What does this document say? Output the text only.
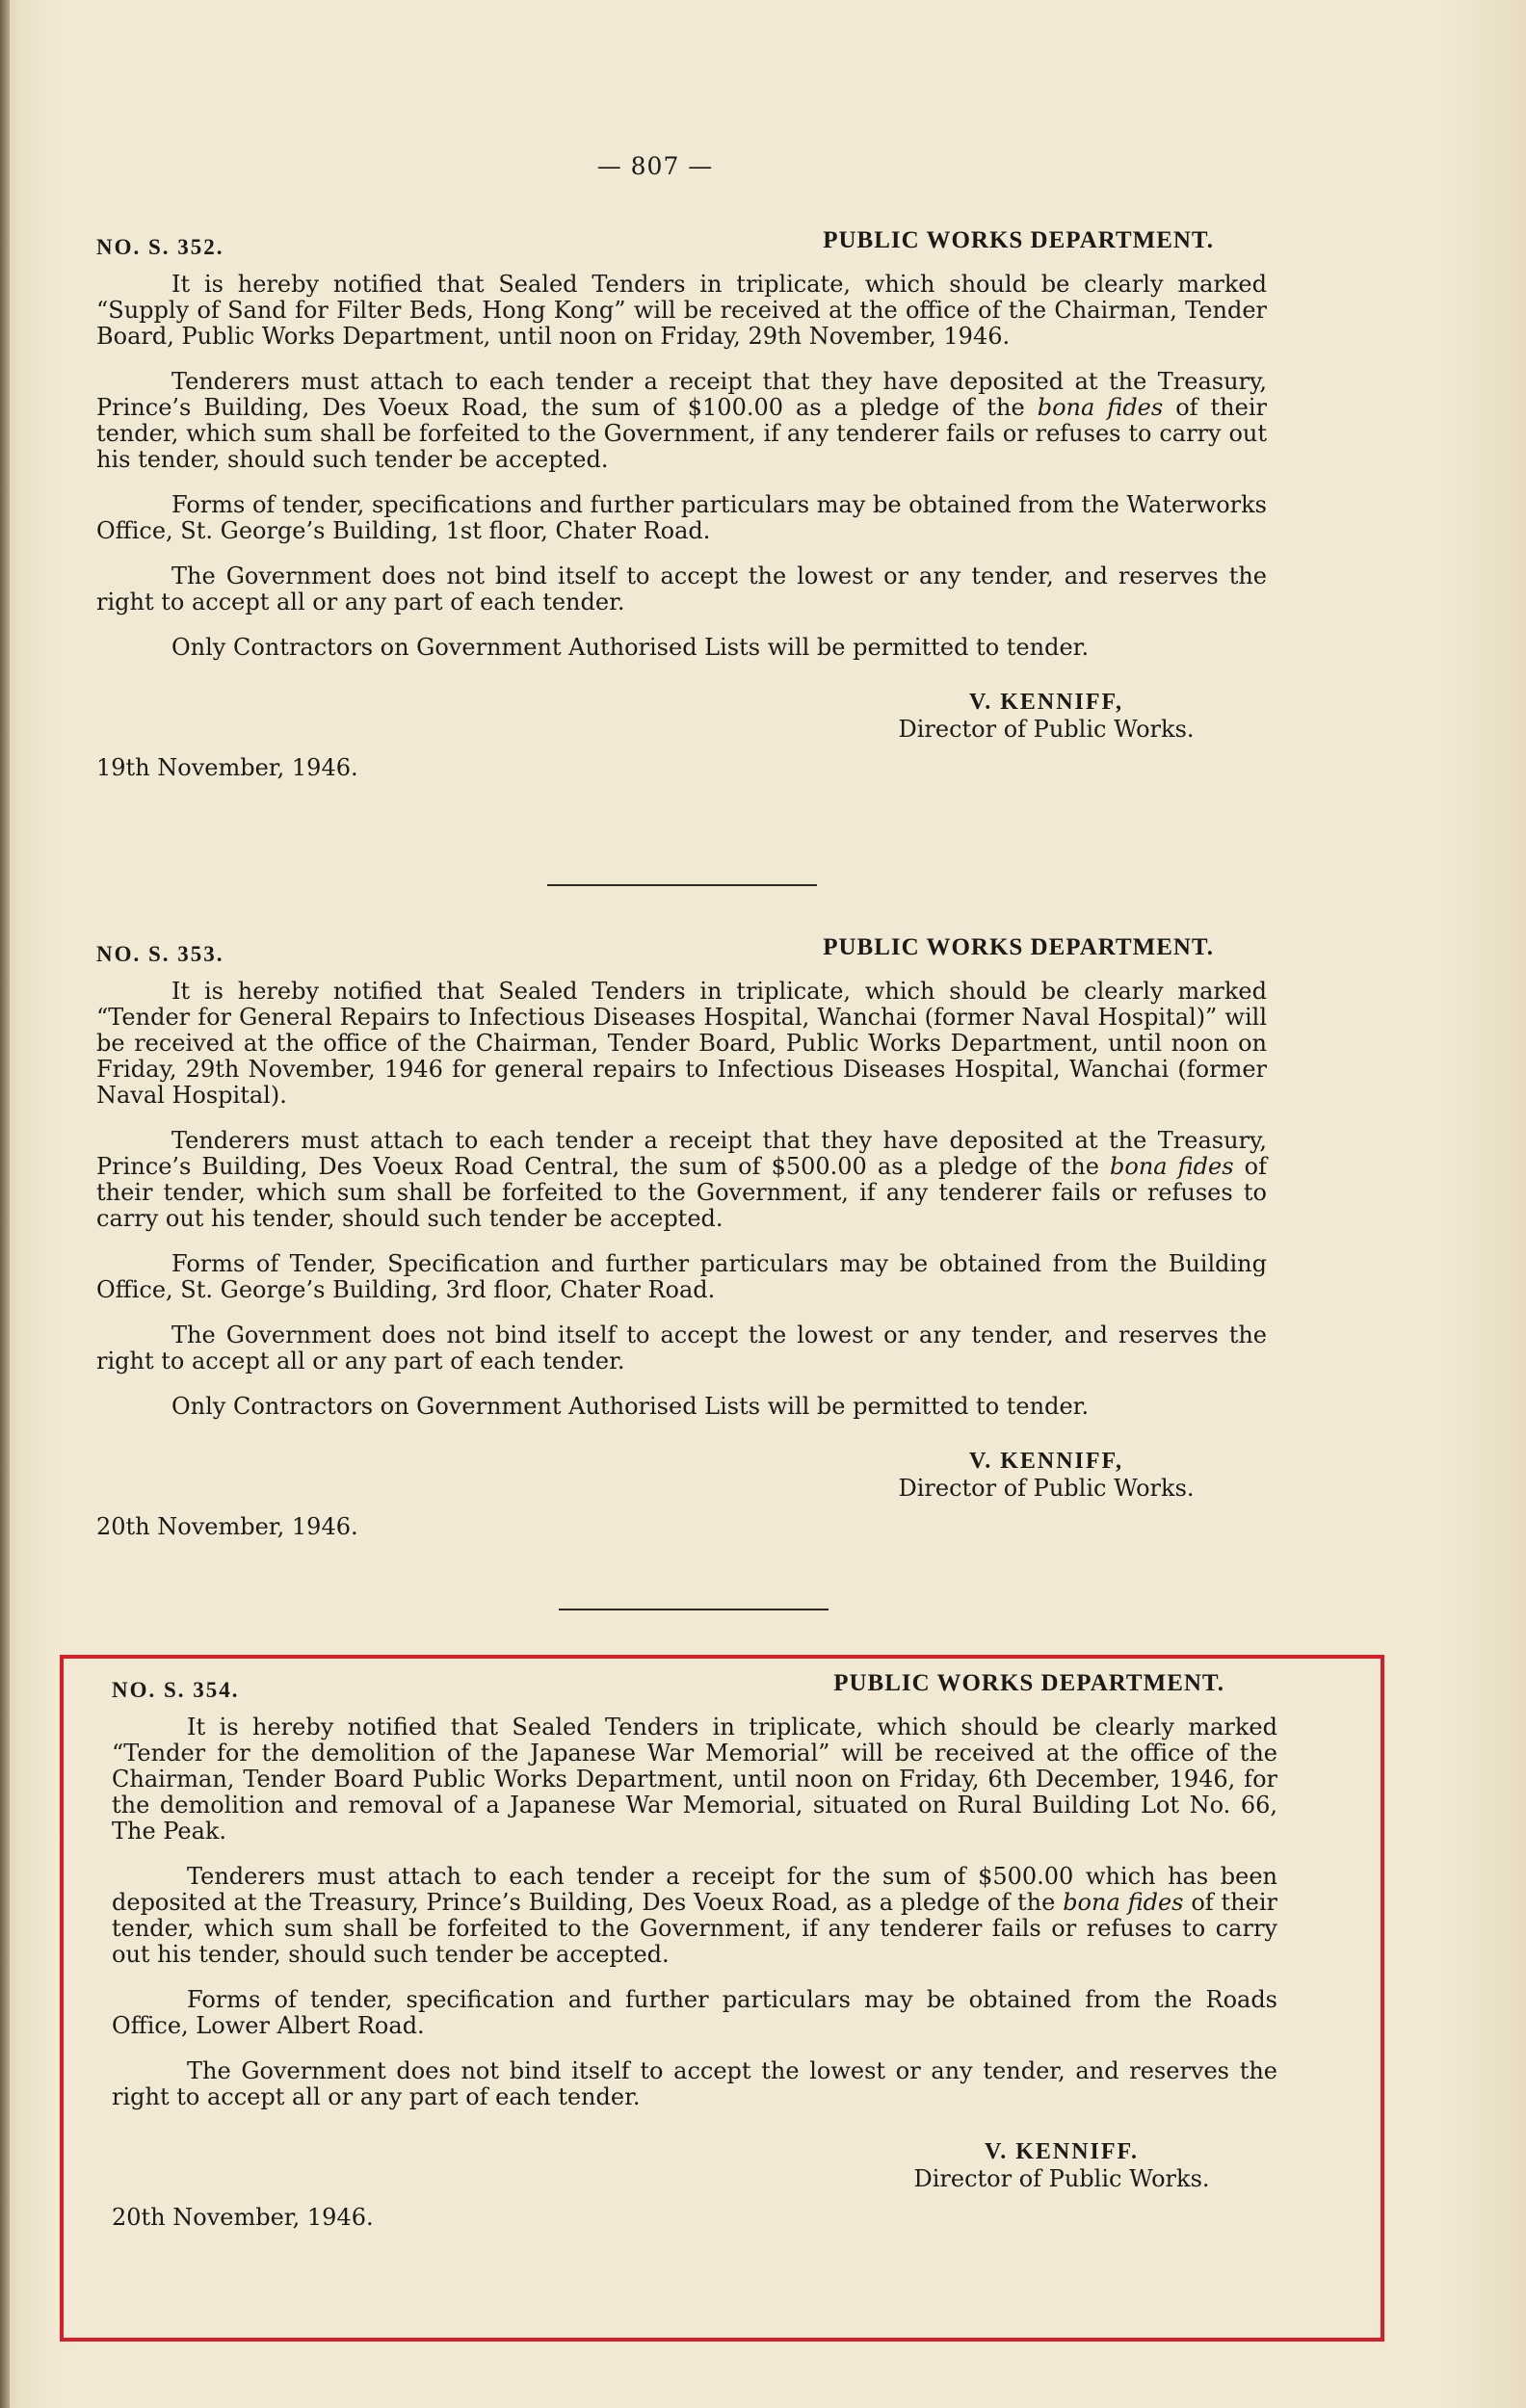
— 807 —
NO. S. 352.	PUBLIC WORKS DEPARTMENT.

It is hereby notified that Sealed Tenders in triplicate, which should be clearly marked “Supply of Sand for Filter Beds, Hong Kong” will be received at the office of the Chairman, Tender Board, Public Works Department, until noon on Friday, 29th November, 1946.

Tenderers must attach to each tender a receipt that they have deposited at the Treasury, Prince’s Building, Des Voeux Road, the sum of $100.00 as a pledge of the bona fides of their tender, which sum shall be forfeited to the Government, if any tenderer fails or refuses to carry out his tender, should such tender be accepted.

Forms of tender, specifications and further particulars may be obtained from the Waterworks Office, St. George’s Building, 1st floor, Chater Road.

The Government does not bind itself to accept the lowest or any tender, and reserves the right to accept all or any part of each tender.

Only Contractors on Government Authorised Lists will be permitted to tender.

V. KENNIFF,
Director of Public Works.
19th November, 1946.
NO. S. 353.	PUBLIC WORKS DEPARTMENT.

It is hereby notified that Sealed Tenders in triplicate, which should be clearly marked “Tender for General Repairs to Infectious Diseases Hospital, Wanchai (former Naval Hospital)” will be received at the office of the Chairman, Tender Board, Public Works Department, until noon on Friday, 29th November, 1946 for general repairs to Infectious Diseases Hospital, Wanchai (former Naval Hospital).

Tenderers must attach to each tender a receipt that they have deposited at the Treasury, Prince’s Building, Des Voeux Road Central, the sum of $500.00 as a pledge of the bona fides of their tender, which sum shall be forfeited to the Government, if any tenderer fails or refuses to carry out his tender, should such tender be accepted.

Forms of Tender, Specification and further particulars may be obtained from the Building Office, St. George’s Building, 3rd floor, Chater Road.

The Government does not bind itself to accept the lowest or any tender, and reserves the right to accept all or any part of each tender.

Only Contractors on Government Authorised Lists will be permitted to tender.

V. KENNIFF,
Director of Public Works.
20th November, 1946.
NO. S. 354.	PUBLIC WORKS DEPARTMENT.

It is hereby notified that Sealed Tenders in triplicate, which should be clearly marked “Tender for the demolition of the Japanese War Memorial” will be received at the office of the Chairman, Tender Board Public Works Department, until noon on Friday, 6th December, 1946, for the demolition and removal of a Japanese War Memorial, situated on Rural Building Lot No. 66, The Peak.

Tenderers must attach to each tender a receipt for the sum of $500.00 which has been deposited at the Treasury, Prince’s Building, Des Voeux Road, as a pledge of the bona fides of their tender, which sum shall be forfeited to the Government, if any tenderer fails or refuses to carry out his tender, should such tender be accepted.

Forms of tender, specification and further particulars may be obtained from the Roads Office, Lower Albert Road.

The Government does not bind itself to accept the lowest or any tender, and reserves the right to accept all or any part of each tender.

V. KENNIFF.
Director of Public Works.
20th November, 1946.
